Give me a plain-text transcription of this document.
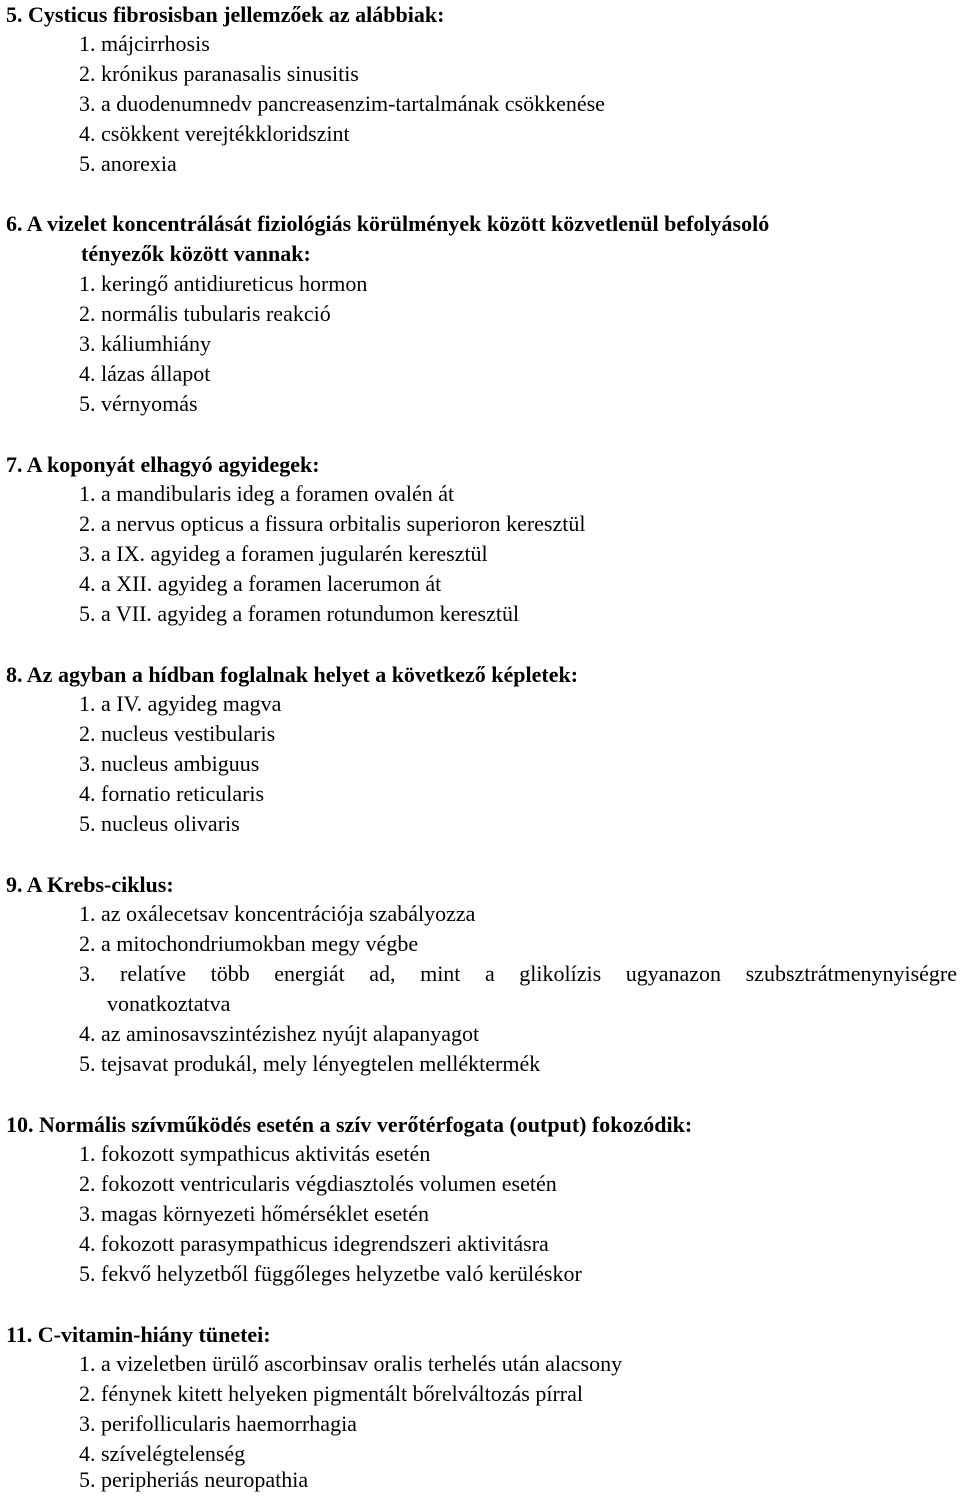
5. Cysticus fibrosisban jellemzőek az alábbiak:
1. májcirrhosis
2. krónikus paranasalis sinusitis
3. a duodenumnedv pancreasenzim-tartalmának csökkenése
4. csökkent verejtékkloridszint
5. anorexia
6. A vizelet koncentrálását fiziológiás körülmények között közvetlenül befolyásoló
tényezők között vannak:
1. keringő antidiureticus hormon
2. normális tubularis reakció
3. káliumhiány
4. lázas állapot
5. vérnyomás
7. A koponyát elhagyó agyidegek:
1. a mandibularis ideg a foramen ovalén át
2. a nervus opticus a fissura orbitalis superioron keresztül
3. a IX. agyideg a foramen jugularén keresztül
4. a XII. agyideg a foramen lacerumon át
5. a VII. agyideg a foramen rotundumon keresztül
8. Az agyban a hídban foglalnak helyet a következő képletek:
1. a IV. agyideg magva
2. nucleus vestibularis
3. nucleus ambiguus
4. fornatio reticularis
5. nucleus olivaris
9. A Krebs-ciklus:
1. az oxálecetsav koncentrációja szabályozza
2. a mitochondriumokban megy végbe
3. relatíve több energiát ad, mint a glikolízis ugyanazon szubsztrátmenynyiségre
vonatkoztatva
4. az aminosavszintézishez nyújt alapanyagot
5. tejsavat produkál, mely lényegtelen melléktermék
10. Normális szívműködés esetén a szív verőtérfogata (output) fokozódik:
1. fokozott sympathicus aktivitás esetén
2. fokozott ventricularis végdiasztolés volumen esetén
3. magas környezeti hőmérséklet esetén
4. fokozott parasympathicus idegrendszeri aktivitásra
5. fekvő helyzetből függőleges helyzetbe való kerüléskor
11. C-vitamin-hiány tünetei:
1. a vizeletben ürülő ascorbinsav oralis terhelés után alacsony
2. fénynek kitett helyeken pigmentált bőrelváltozás pírral
3. perifollicularis haemorrhagia
4. szívelégtelenség
5. peripheriás neuropathia
